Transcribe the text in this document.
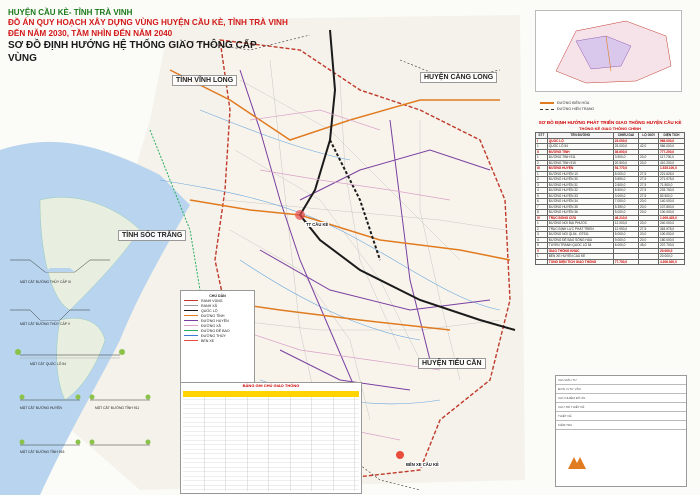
HUYỆN CẦU KÈ- TỈNH TRÀ VINH

ĐỒ ÁN QUY HOẠCH XÂY DỰNG VÙNG HUYỆN CẦU KÈ, TỈNH TRÀ VINH

ĐẾN NĂM 2030, TẦM NHÌN ĐẾN NĂM 2040

SƠ ĐỒ ĐỊNH HƯỚNG HỆ THỐNG GIAO THÔNG CẤP VÙNG

TỈNH VĨNH LONG	HUYỆN CÀNG LONG
TỈNH SÓC TRĂNG
HUYỆN TIỂU CẦN
TT CẦU KÈ
BẾN XE CẦU KÈ
MẶT CẮT ĐƯỜNG THỦY CẤP III
MẶT CẮT ĐƯỜNG THỦY CẤP V
MẶT CẮT QUỐC LỘ 54
MẶT CẮT ĐƯỜNG HUYỆN	MẶT CẮT ĐƯỜNG TỈNH 911
MẶT CẮT ĐƯỜNG TỈNH 915
CHÚ DẪN
RANH VÙNG
RANH XÃ
QUỐC LỘ
ĐƯỜNG TỈNH
ĐƯỜNG HUYỆN
ĐƯỜNG XÃ
ĐƯỜNG ĐÊ BAO
ĐƯỜNG THỦY
BẾN XE
BẢNG GHI CHÚ GIAO THÔNG
ĐƯỜNG BIÊN HÒA
ĐƯỜNG HIỆN TRẠNG
SƠ ĐỒ ĐỊNH HƯỚNG PHÁT TRIỂN GIAO THÔNG HUYỆN CẦU KÈ
THỐNG KÊ GIAO THÔNG CHÍNH
STT	TÊN ĐƯỜNG	CHIỀU DÀI	LỘ GIỚI	DIỆN TÍCH
I	QUỐC LỘ	23.000,0		966.000,0
1	QUỐC LỘ 54	23.000,0	42,0	966.000,0
II	ĐƯỜNG TỈNH	36.600,0		777.200,0
1	ĐƯỜNG TỈNH 911	3.900,0	20,0	117.700,0
2	ĐƯỜNG TỈNH 915	20.500,0	20,0	410.200,0
III	ĐƯỜNG HUYỆN	54.770,0		1.525.100,0
1	ĐƯỜNG HUYỆN 10	8.000,0	27,5	221.625,0
2	ĐƯỜNG HUYỆN 30	9.890,0	27,5	271.975,0
3	ĐƯỜNG HUYỆN 31	2.600,0	27,5	71.500,0
4	ĐƯỜNG HUYỆN 32	8.500,0	27,5	233.750,0
5	ĐƯỜNG HUYỆN 33	3.000,0	27,5	82.500,0
6	ĐƯỜNG HUYỆN 34	7.000,0	20,0	140.000,0
7	ĐƯỜNG HUYỆN 35	5.390,0	20,0	107.800,0
8	ĐƯỜNG HUYỆN 36	5.000,0	20,0	100.000,0
IV	TRỤC ĐÔNG CỨU	46.210,0		1.009.425,0
1	ĐƯỜNG NỐI ĐẠI PHƯỚC	12.000,0	20,0	240.000,0
2	TRỤC ĐỊNH LỰC PHÁT TRIỂN	12.990,0	27,5	363.975,0
3	ĐƯỜNG NỐI QL54 - ĐT911	5.000,0	20,0	100.000,0
4	ĐƯỜNG ĐÊ BAO SÔNG HẬU	9.000,0	20,0	180.000,0
5	TUYẾN TRÁNH QUỐC LỘ 54	6.000,0	45,0	207.700,0
V	GIAO THÔNG KHÁC			20.000,0
1	BẾN XE HUYỆN CẦU KÈ			20.000,0
	TỔNG DIỆN TÍCH GIAO THÔNG	77.750,0		4.306.920,0
CHỦ ĐẦU TƯ
ĐƠN VỊ TƯ VẤN
CHỦ NHIỆM ĐỒ ÁN
CHỦ TRÌ THIẾT KẾ
THIẾT KẾ
KIỂM TRA
